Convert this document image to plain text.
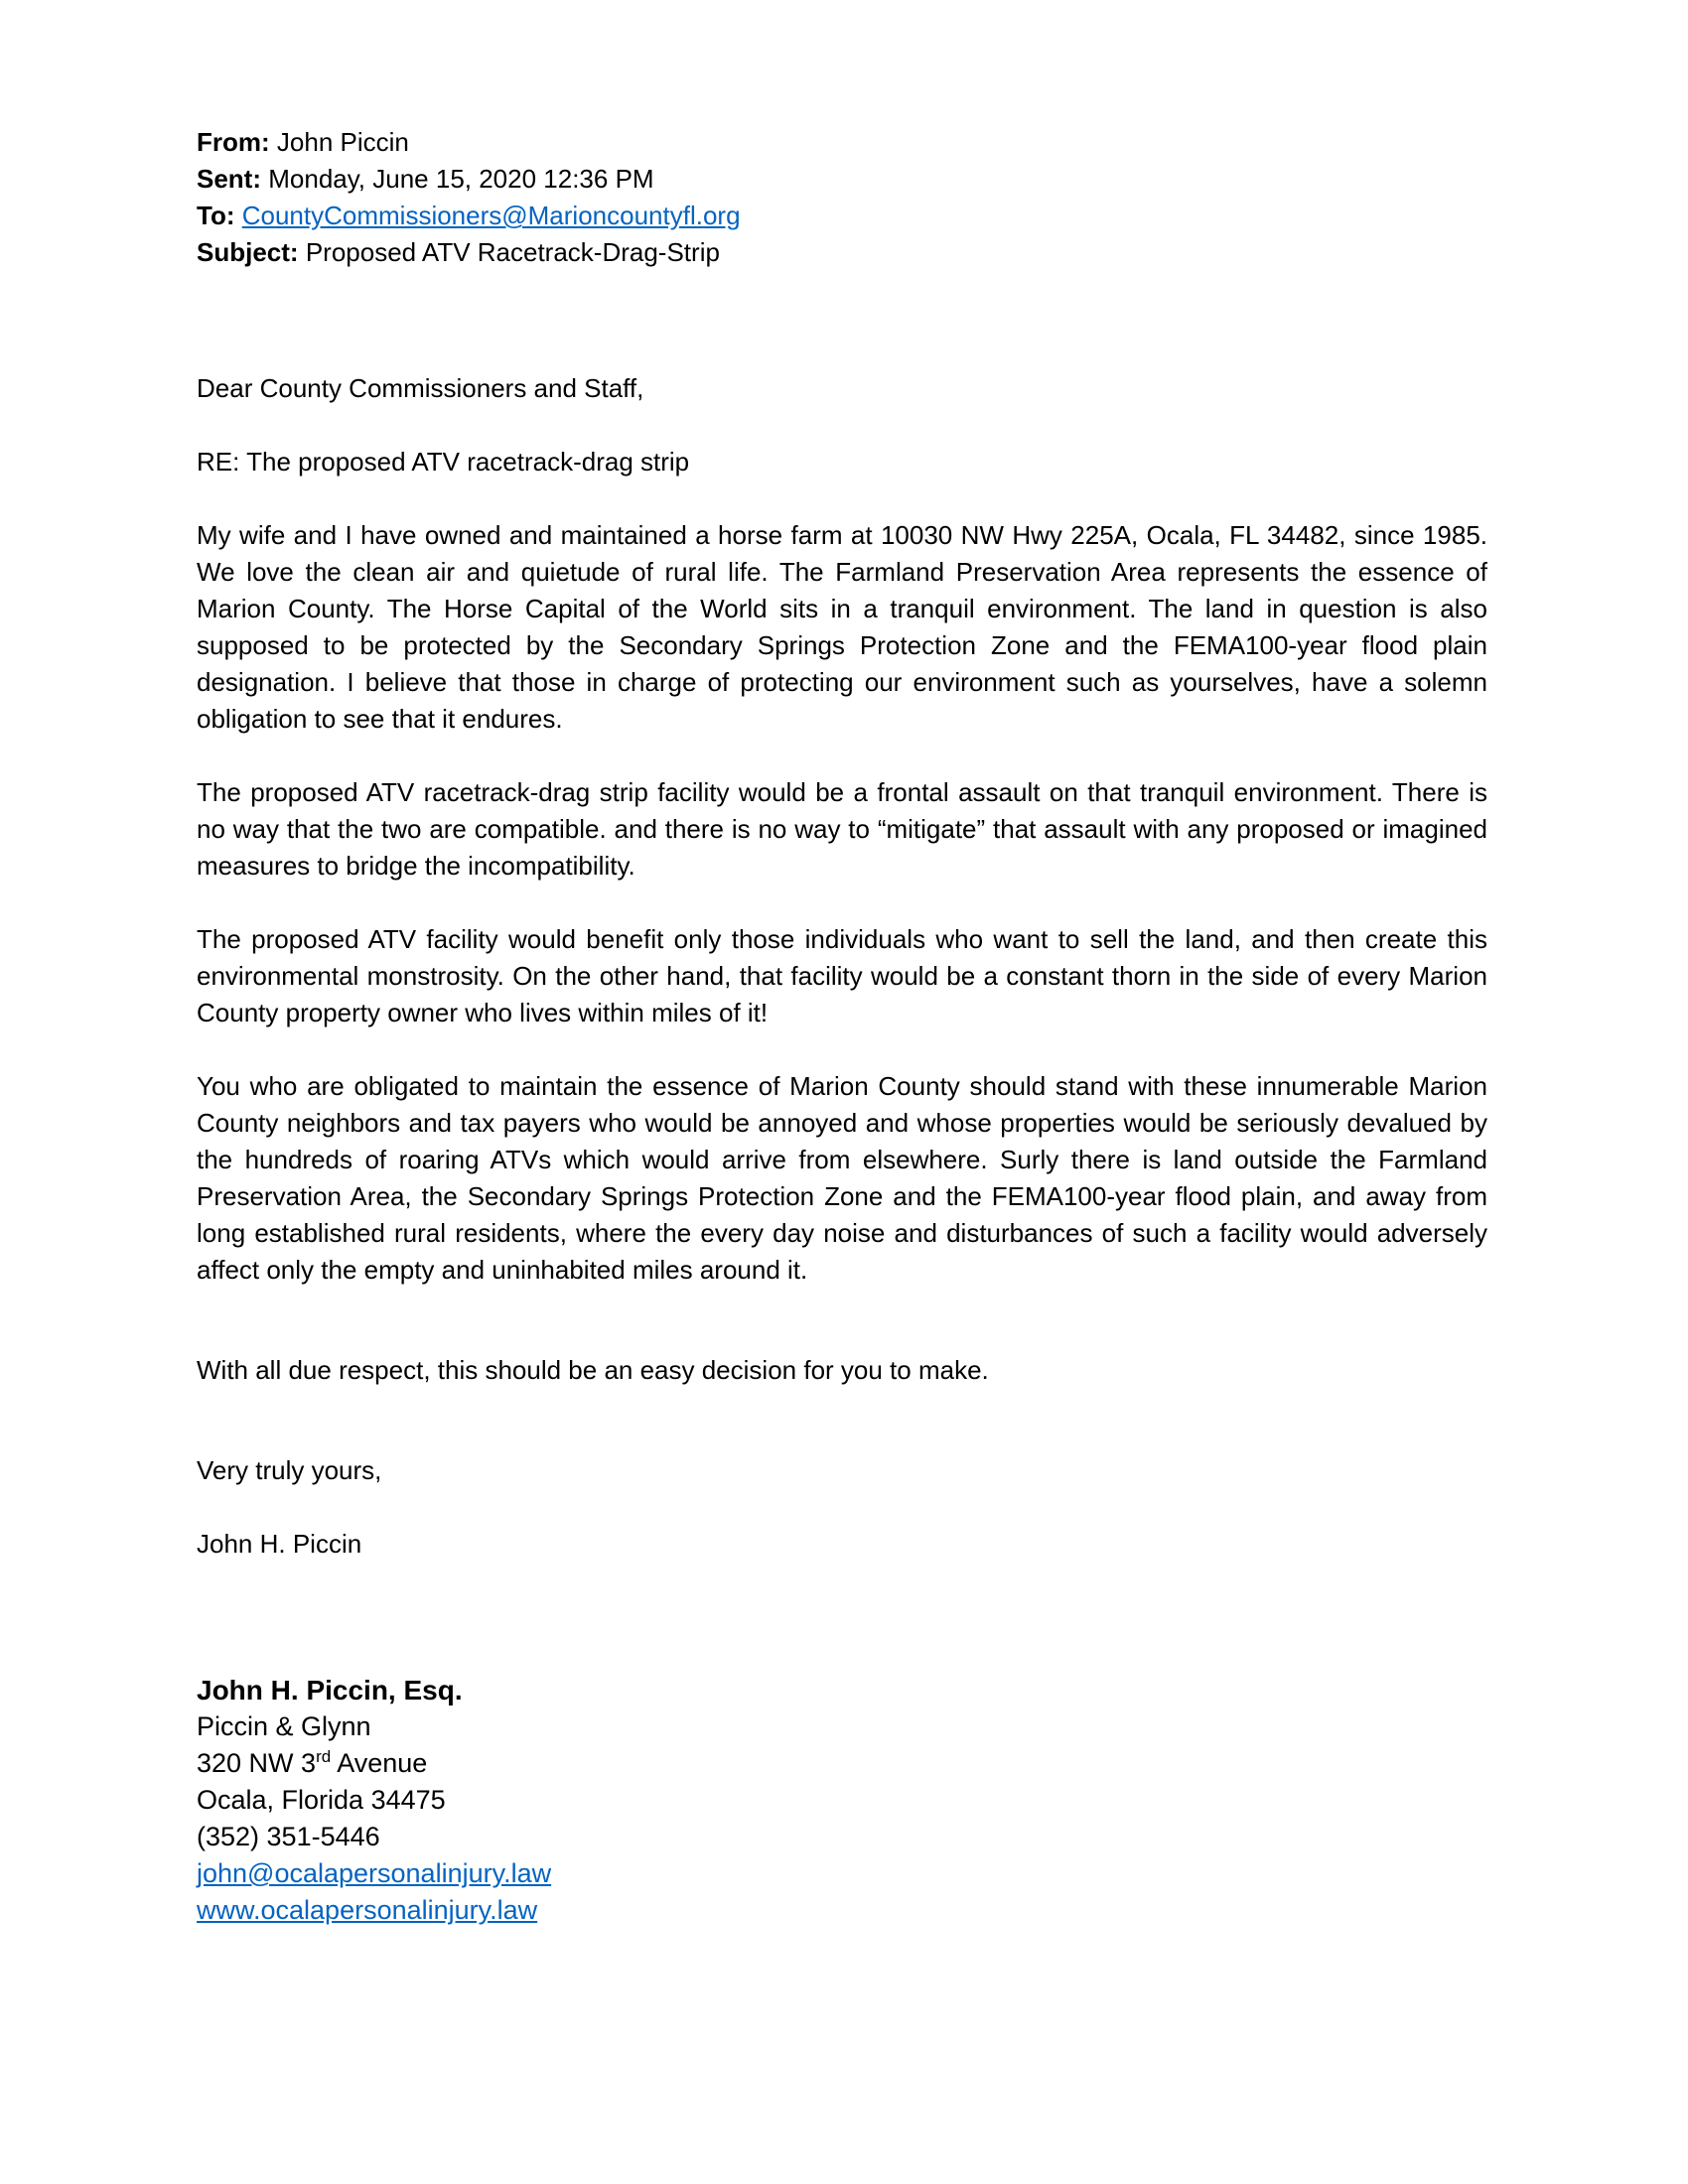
From: John Piccin
Sent: Monday, June 15, 2020 12:36 PM
To: CountyCommissioners@Marioncountyfl.org
Subject: Proposed ATV Racetrack-Drag-Strip

Dear County Commissioners and Staff,

RE: The proposed ATV racetrack-drag strip

My wife and I have owned and maintained a horse farm at 10030 NW Hwy 225A, Ocala, FL 34482, since 1985. We love the clean air and quietude of rural life. The Farmland Preservation Area represents the essence of Marion County. The Horse Capital of the World sits in a tranquil environment. The land in question is also supposed to be protected by the Secondary Springs Protection Zone and the FEMA100-year flood plain designation. I believe that those in charge of protecting our environment such as yourselves, have a solemn obligation to see that it endures.

The proposed ATV racetrack-drag strip facility would be a frontal assault on that tranquil environment. There is no way that the two are compatible. and there is no way to “mitigate” that assault with any proposed or imagined measures to bridge the incompatibility.

The proposed ATV facility would benefit only those individuals who want to sell the land, and then create this environmental monstrosity. On the other hand, that facility would be a constant thorn in the side of every Marion County property owner who lives within miles of it!

You who are obligated to maintain the essence of Marion County should stand with these innumerable Marion County neighbors and tax payers who would be annoyed and whose properties would be seriously devalued by the hundreds of roaring ATVs which would arrive from elsewhere. Surly there is land outside the Farmland Preservation Area, the Secondary Springs Protection Zone and the FEMA100-year flood plain, and away from long established rural residents, where the every day noise and disturbances of such a facility would adversely affect only the empty and uninhabited miles around it.

With all due respect, this should be an easy decision for you to make.

Very truly yours,

John H. Piccin

John H. Piccin, Esq.
Piccin & Glynn
320 NW 3rd Avenue
Ocala, Florida 34475
(352) 351-5446
john@ocalapersonalinjury.law
www.ocalapersonalinjury.law
